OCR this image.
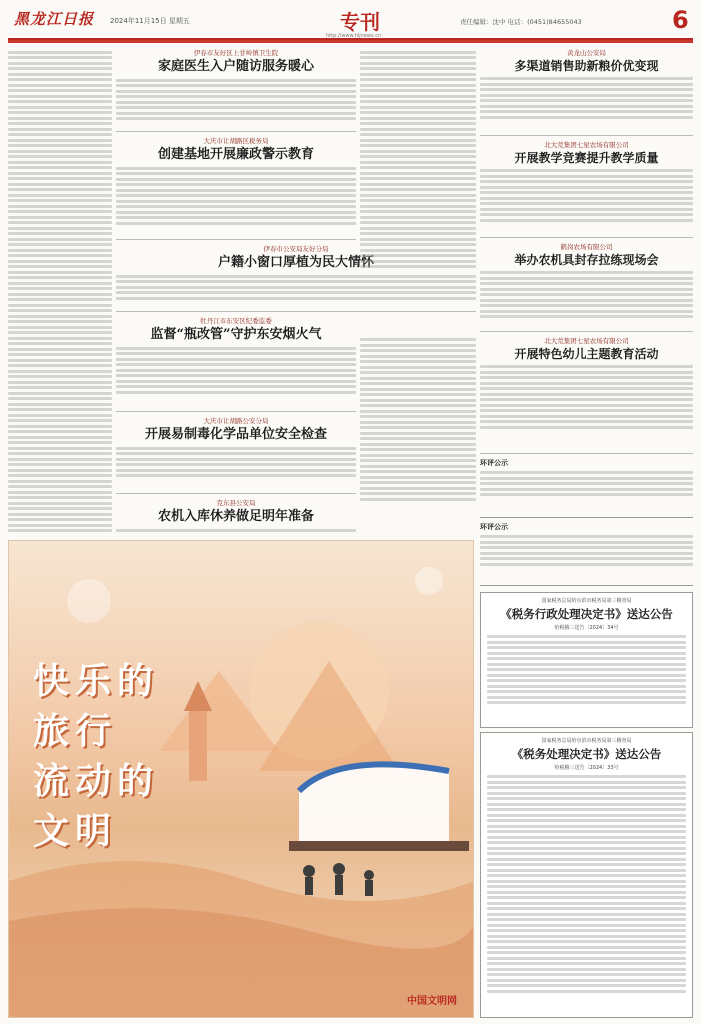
黑龙江日报 2024年11月15日 星期五	专刊
http://www.hljnews.cn
责任编辑：沈中 电话：(0451)84655043	6
伊春市友好区上甘岭镇卫生院
家庭医生入户随访服务暖心
大庆市让胡路区税务局
创建基地开展廉政警示教育
伊春市公安局友好分局
户籍小窗口厚植为民大情怀
牡丹江市东安区纪委监委
监督“瓶改管”守护东安烟火气
大庆市让胡路公安分局
开展易制毒化学品单位安全检查
克东县公安局
农机入库休养做足明年准备
黄龙山公安局
多渠道销售助新粮价优变现
北大荒集团七星农场有限公司
开展教学竞赛提升教学质量
鹤岗农场有限公司
举办农机具封存拉练现场会
北大荒集团七星农场有限公司
开展特色幼儿主题教育活动
环评公示
环评公示
国家税务总局哈尔滨市税务局第三稽查局
《税务行政处理决定书》送达公告
哈税稽三送告〔2024〕34号
国家税务总局哈尔滨市税务局第三稽查局
《税务处理决定书》送达公告
哈税稽三送告〔2024〕33号
快乐的
旅行
流动的
文明
中国文明网
